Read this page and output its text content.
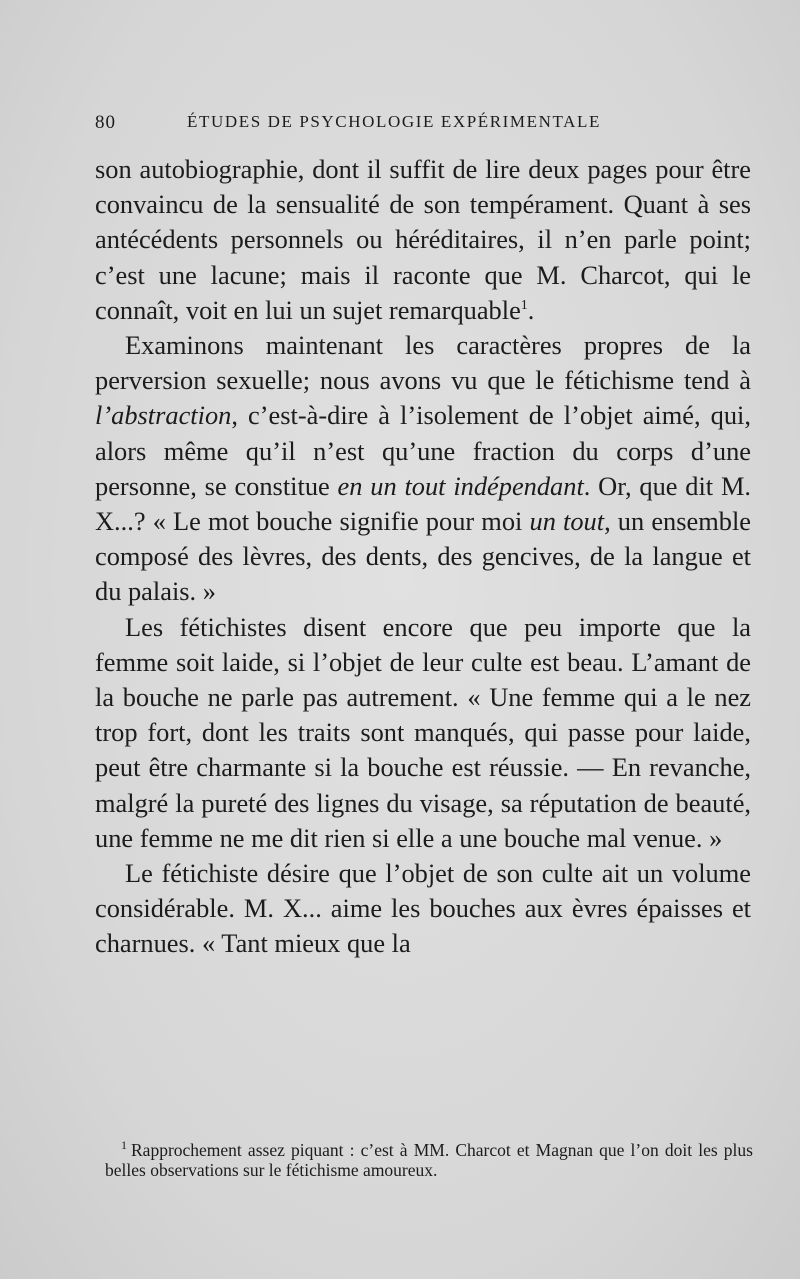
80	ÉTUDES DE PSYCHOLOGIE EXPÉRIMENTALE

son autobiographie, dont il suffit de lire deux pages pour être convaincu de la sensualité de son tempérament. Quant à ses antécédents personnels ou héréditaires, il n’en parle point; c’est une lacune; mais il raconte que M. Charcot, qui le connaît, voit en lui un sujet remarquable$^1$.

Examinons maintenant les caractères propres de la perversion sexuelle; nous avons vu que le fétichisme tend à l’abstraction, c’est-à-dire à l’isolement de l’objet aimé, qui, alors même qu’il n’est qu’une fraction du corps d’une personne, se constitue en un tout indépendant. Or, que dit M. X...? « Le mot bouche signifie pour moi un tout, un ensemble composé des lèvres, des dents, des gencives, de la langue et du palais. »

Les fétichistes disent encore que peu importe que la femme soit laide, si l’objet de leur culte est beau. L’amant de la bouche ne parle pas autrement. « Une femme qui a le nez trop fort, dont les traits sont manqués, qui passe pour laide, peut être charmante si la bouche est réussie. — En revanche, malgré la pureté des lignes du visage, sa réputation de beauté, une femme ne me dit rien si elle a une bouche mal venue. »

Le fétichiste désire que l’objet de son culte ait un volume considérable. M. X... aime les bouches aux èvres épaisses et charnues. « Tant mieux que la

$^1$ Rapprochement assez piquant : c’est à MM. Charcot et Magnan que l’on doit les plus belles observations sur le fétichisme amoureux.
